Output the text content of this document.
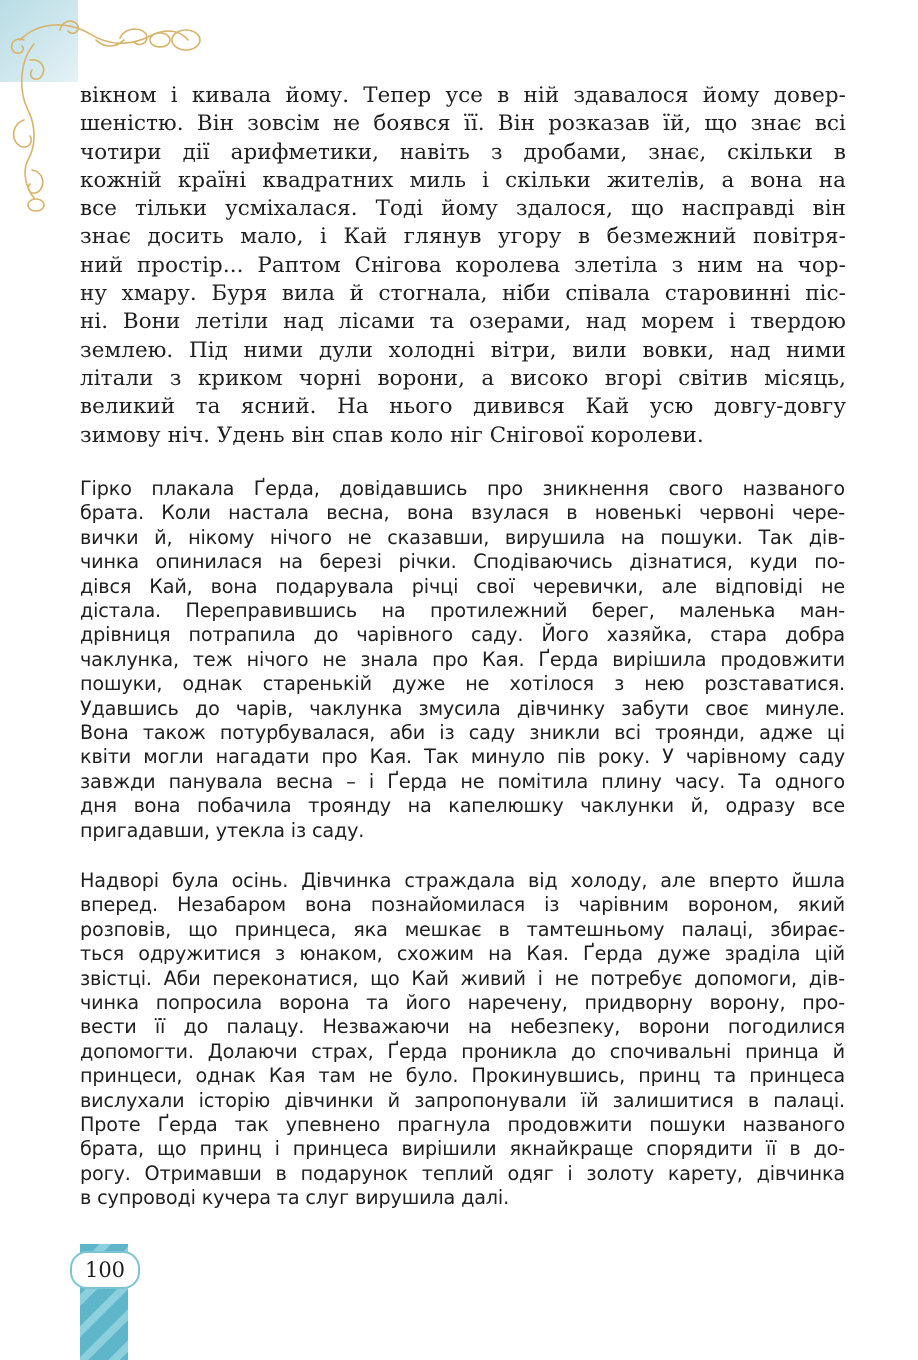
вікном і кивала йому. Тепер усе в ній здавалося йому довер-
шеністю. Він зовсім не боявся її. Він розказав їй, що знає всі
чотири дії арифметики, навіть з дробами, знає, скільки в
кожній країні квадратних миль і скільки жителів, а вона на
все тільки усміхалася. Тоді йому здалося, що насправді він
знає досить мало, і Кай глянув угору в безмежний повітря-
ний простір... Раптом Снігова королева злетіла з ним на чор-
ну хмару. Буря вила й стогнала, ніби співала старовинні піс-
ні. Вони летіли над лісами та озерами, над морем і твердою
землею. Під ними дули холодні вітри, вили вовки, над ними
літали з криком чорні ворони, а високо вгорі світив місяць,
великий та ясний. На нього дивився Кай усю довгу-довгу
зимову ніч. Удень він спав коло ніг Снігової королеви.
Гірко плакала Ґерда, довідавшись про зникнення свого названого
брата. Коли настала весна, вона взулася в новенькі червоні чере-
вички й, нікому нічого не сказавши, вирушила на пошуки. Так дів-
чинка опинилася на березі річки. Сподіваючись дізнатися, куди по-
дівся Кай, вона подарувала річці свої черевички, але відповіді не
дістала. Переправившись на протилежний берег, маленька ман-
дрівниця потрапила до чарівного саду. Його хазяйка, стара добра
чаклунка, теж нічого не знала про Кая. Ґерда вирішила продовжити
пошуки, однак старенькій дуже не хотілося з нею розставатися.
Удавшись до чарів, чаклунка змусила дівчинку забути своє минуле.
Вона також потурбувалася, аби із саду зникли всі троянди, адже ці
квіти могли нагадати про Кая. Так минуло пів року. У чарівному саду
завжди панувала весна – і Ґерда не помітила плину часу. Та одного
дня вона побачила троянду на капелюшку чаклунки й, одразу все
пригадавши, утекла із саду.
Надворі була осінь. Дівчинка страждала від холоду, але вперто йшла
вперед. Незабаром вона познайомилася із чарівним вороном, який
розповів, що принцеса, яка мешкає в тамтешньому палаці, збирає-
ться одружитися з юнаком, схожим на Кая. Ґерда дуже зраділа цій
звістці. Аби переконатися, що Кай живий і не потребує допомоги, дів-
чинка попросила ворона та його наречену, придворну ворону, про-
вести її до палацу. Незважаючи на небезпеку, ворони погодилися
допомогти. Долаючи страх, Ґерда проникла до спочивальні принца й
принцеси, однак Кая там не було. Прокинувшись, принц та принцеса
вислухали історію дівчинки й запропонували їй залишитися в палаці.
Проте Ґерда так упевнено прагнула продовжити пошуки названого
брата, що принц і принцеса вирішили якнайкраще спорядити її в до-
рогу. Отримавши в подарунок теплий одяг і золоту карету, дівчинка
в супроводі кучера та слуг вирушила далі.
100
